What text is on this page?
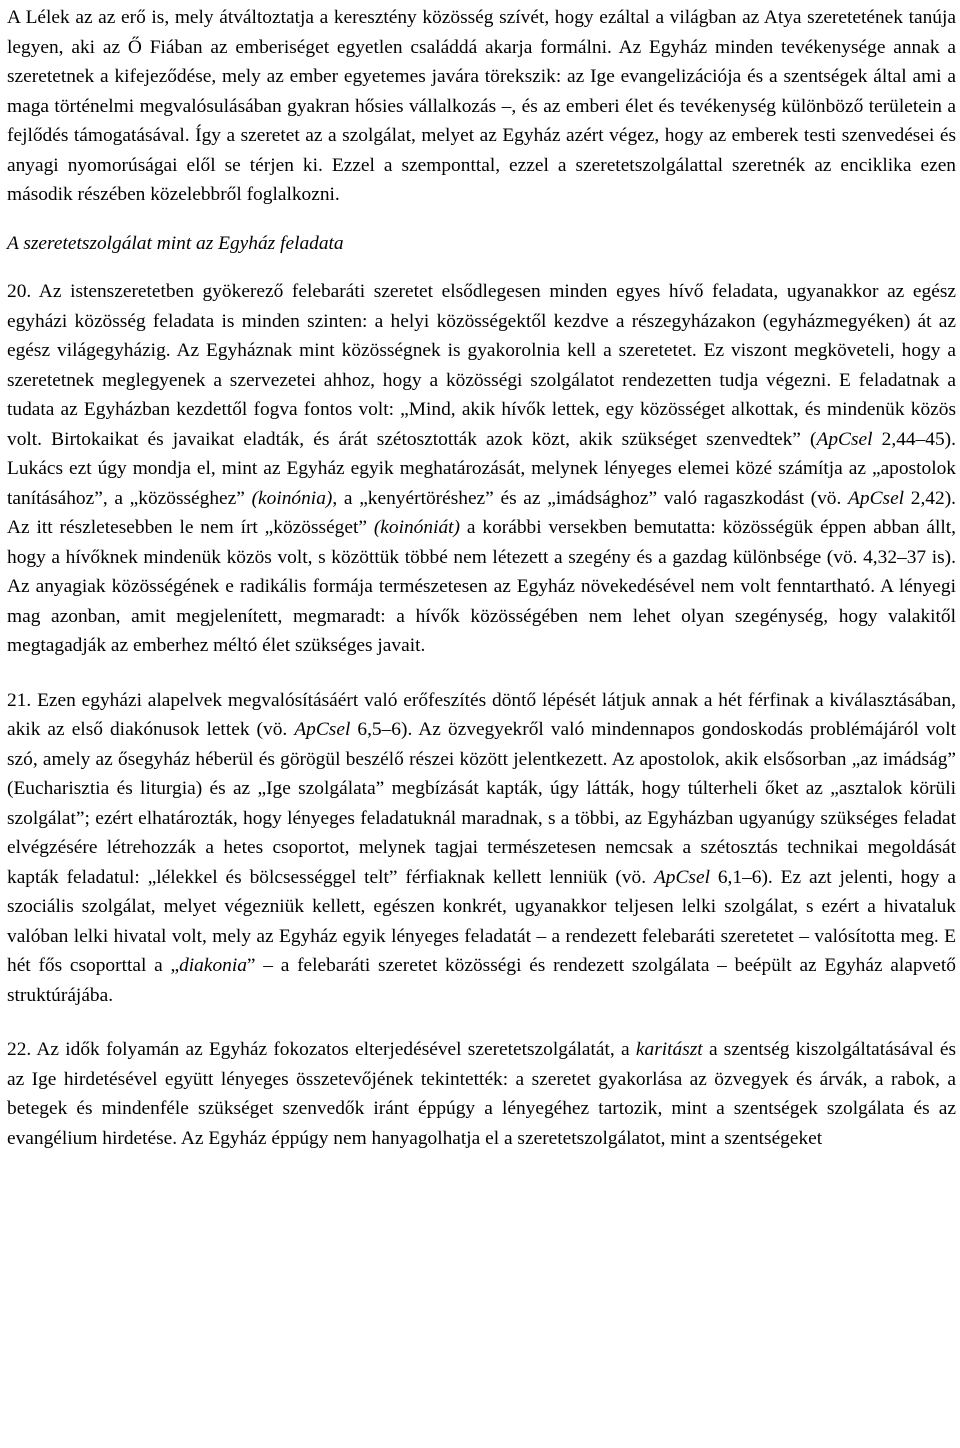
A Lélek az az erő is, mely átváltoztatja a keresztény közösség szívét, hogy ezáltal a világban az Atya szeretetének tanúja legyen, aki az Ő Fiában az emberiséget egyetlen családdá akarja formálni. Az Egyház minden tevékenysége annak a szeretetnek a kifejeződése, mely az ember egyetemes javára törekszik: az Ige evangelizációja és a szentségek által ami a maga történelmi megvalósulásában gyakran hősies vállalkozás –, és az emberi élet és tevékenység különböző területein a fejlődés támogatásával. Így a szeretet az a szolgálat, melyet az Egyház azért végez, hogy az emberek testi szenvedései és anyagi nyomorúságai elől se térjen ki. Ezzel a szemponttal, ezzel a szeretetszolgálattal szeretnék az enciklika ezen második részében közelebbről foglalkozni.

A szeretetszolgálat mint az Egyház feladata

20. Az istenszeretetben gyökerező felebaráti szeretet elsődlegesen minden egyes hívő feladata, ugyanakkor az egész egyházi közösség feladata is minden szinten: a helyi közösségektől kezdve a részegyházakon (egyházmegyéken) át az egész világegyházig. Az Egyháznak mint közösségnek is gyakorolnia kell a szeretetet. Ez viszont megköveteli, hogy a szeretetnek meglegyenek a szervezetei ahhoz, hogy a közösségi szolgálatot rendezetten tudja végezni. E feladatnak a tudata az Egyházban kezdettől fogva fontos volt: „Mind, akik hívők lettek, egy közösséget alkottak, és mindenük közös volt. Birtokaikat és javaikat eladták, és árát szétosztották azok közt, akik szükséget szenvedtek” (ApCsel 2,44–45). Lukács ezt úgy mondja el, mint az Egyház egyik meghatározását, melynek lényeges elemei közé számítja az „apostolok tanításához”, a „közösséghez” (koinónia), a „kenyértöréshez” és az „imádsághoz” való ragaszkodást (vö. ApCsel 2,42). Az itt részletesebben le nem írt „közösséget” (koinóniát) a korábbi versekben bemutatta: közösségük éppen abban állt, hogy a hívőknek mindenük közös volt, s közöttük többé nem létezett a szegény és a gazdag különbsége (vö. 4,32–37 is). Az anyagiak közösségének e radikális formája természetesen az Egyház növekedésével nem volt fenntartható. A lényegi mag azonban, amit megjelenített, megmaradt: a hívők közösségében nem lehet olyan szegénység, hogy valakitől megtagadják az emberhez méltó élet szükséges javait.

21. Ezen egyházi alapelvek megvalósításáért való erőfeszítés döntő lépését látjuk annak a hét férfinak a kiválasztásában, akik az első diakónusok lettek (vö. ApCsel 6,5–6). Az özvegyekről való mindennapos gondoskodás problémájáról volt szó, amely az ősegyház héberül és görögül beszélő részei között jelentkezett. Az apostolok, akik elsősorban „az imádság” (Eucharisztia és liturgia) és az „Ige szolgálata” megbízását kapták, úgy látták, hogy túlterheli őket az „asztalok körüli szolgálat”; ezért elhatározták, hogy lényeges feladatuknál maradnak, s a többi, az Egyházban ugyanúgy szükséges feladat elvégzésére létrehozzák a hetes csoportot, melynek tagjai természetesen nemcsak a szétosztás technikai megoldását kapták feladatul: „lélekkel és bölcsességgel telt” férfiaknak kellett lenniük (vö. ApCsel 6,1–6). Ez azt jelenti, hogy a szociális szolgálat, melyet végezniük kellett, egészen konkrét, ugyanakkor teljesen lelki szolgálat, s ezért a hivataluk valóban lelki hivatal volt, mely az Egyház egyik lényeges feladatát – a rendezett felebaráti szeretetet – valósította meg. E hét fős csoporttal a „diakonia” – a felebaráti szeretet közösségi és rendezett szolgálata – beépült az Egyház alapvető struktúrájába.

22. Az idők folyamán az Egyház fokozatos elterjedésével szeretetszolgálatát, a karitászt a szentség kiszolgáltatásával és az Ige hirdetésével együtt lényeges összetevőjének tekintették: a szeretet gyakorlása az özvegyek és árvák, a rabok, a betegek és mindenféle szükséget szenvedők iránt éppúgy a lényegéhez tartozik, mint a szentségek szolgálata és az evangélium hirdetése. Az Egyház éppúgy nem hanyagolhatja el a szeretetszolgálatot, mint a szentségeket
